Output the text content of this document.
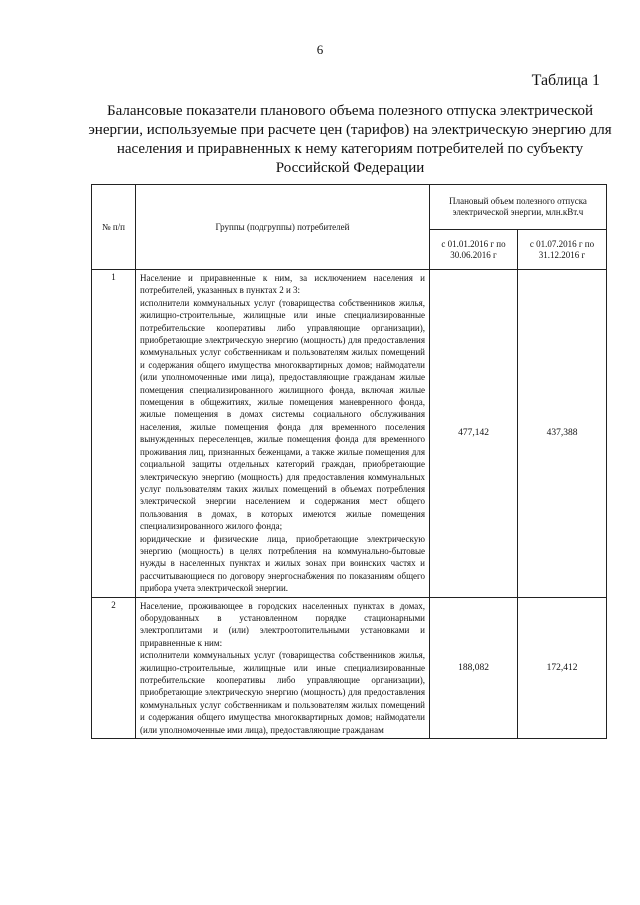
6
Таблица 1
Балансовые показатели планового объема полезного отпуска электрической энергии, используемые при расчете цен (тарифов) на электрическую энергию для населения и приравненных к нему категориям потребителей по субъекту Российской Федерации
№ п/п	Группы (подгруппы) потребителей	Плановый объем полезного отпуска электрической энергии, млн.кВт.ч	
		с 01.01.2016 г по 30.06.2016 г	с 01.07.2016 г по 31.12.2016 г
1	Население и приравненные к ним, за исключением населения и потребителей, указанных в пунктах 2 и 3:

исполнители коммунальных услуг (товарищества собственников жилья, жилищно-строительные, жилищные или иные специализированные потребительские кооперативы либо управляющие организации), приобретающие электрическую энергию (мощность) для предоставления коммунальных услуг собственникам и пользователям жилых помещений и содержания общего имущества многоквартирных домов; наймодатели (или уполномоченные ими лица), предоставляющие гражданам жилые помещения специализированного жилищного фонда, включая жилые помещения в общежитиях, жилые помещения маневренного фонда, жилые помещения в домах системы социального обслуживания населения, жилые помещения фонда для временного поселения вынужденных переселенцев, жилые помещения фонда для временного проживания лиц, признанных беженцами, а также жилые помещения для социальной защиты отдельных категорий граждан, приобретающие электрическую энергию (мощность) для предоставления коммунальных услуг пользователям таких жилых помещений в объемах потребления электрической энергии населением и содержания мест общего пользования в домах, в которых имеются жилые помещения специализированного жилого фонда;

юридические и физические лица, приобретающие электрическую энергию (мощность) в целях потребления на коммунально-бытовые нужды в населенных пунктах и жилых зонах при воинских частях и рассчитывающиеся по договору энергоснабжения по показаниям общего прибора учета электрической энергии.	477,142	437,388
2	Население, проживающее в городских населенных пунктах в домах, оборудованных в установленном порядке стационарными электроплитами и (или) электроотопительными установками и приравненные к ним:

исполнители коммунальных услуг (товарищества собственников жилья, жилищно-строительные, жилищные или иные специализированные потребительские кооперативы либо управляющие организации), приобретающие электрическую энергию (мощность) для предоставления коммунальных услуг собственникам и пользователям жилых помещений и содержания общего имущества многоквартирных домов; наймодатели (или уполномоченные ими лица), предоставляющие гражданам	188,082	172,412
